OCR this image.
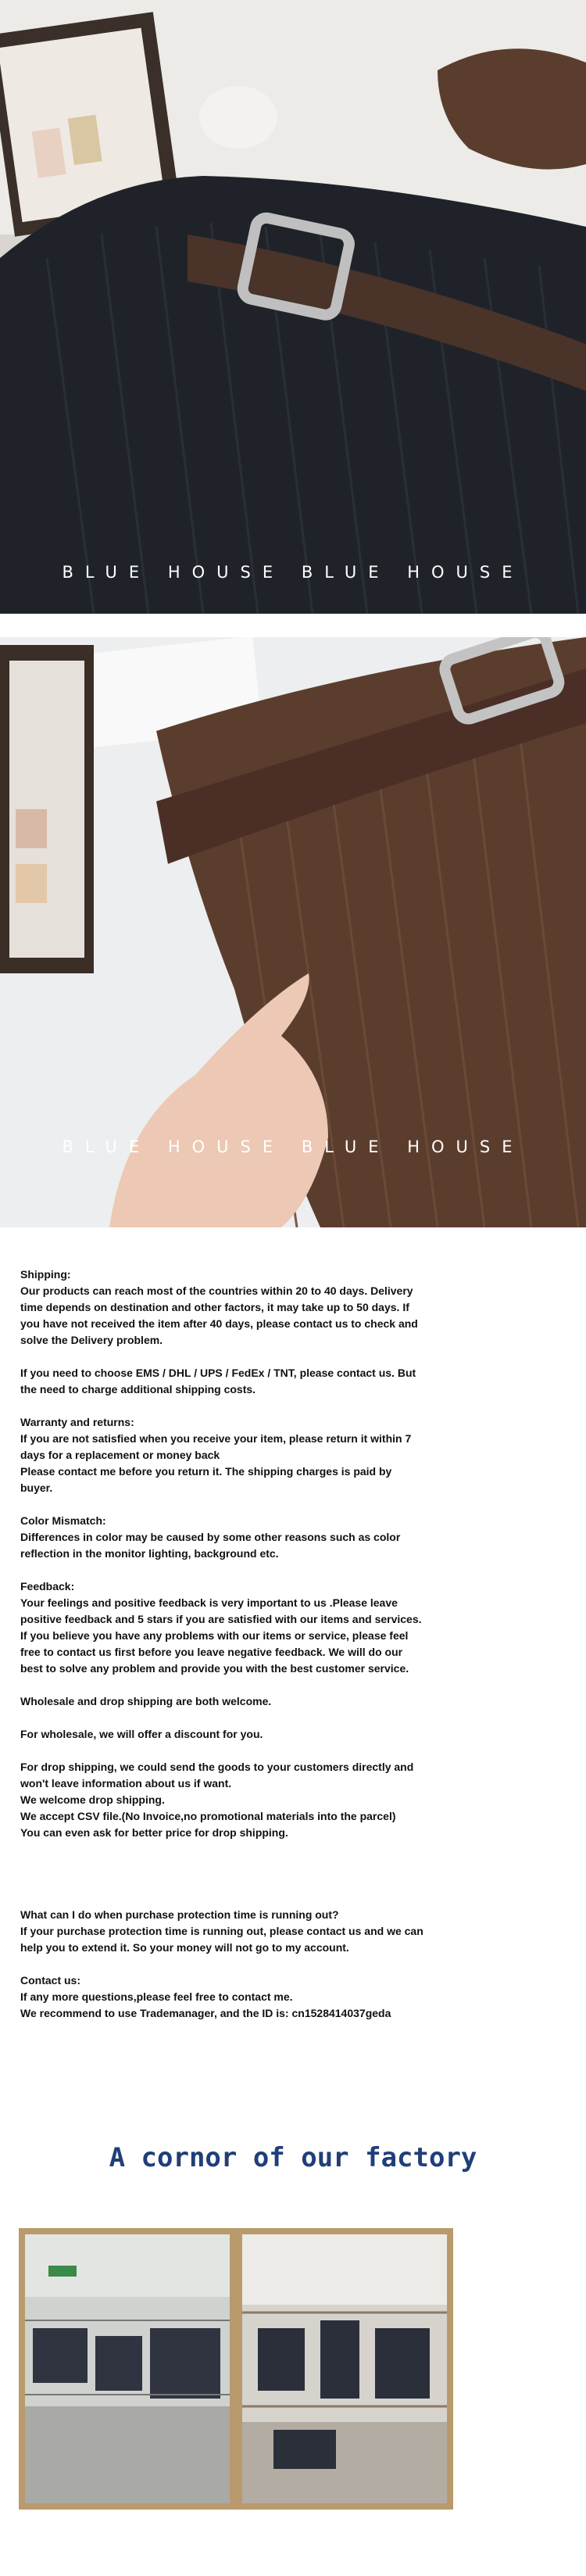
BLUE HOUSE BLUE HOUSE
BLUE HOUSE BLUE HOUSE
Shipping:
Our products can reach most of the countries within 20 to 40 days. Delivery
time depends on destination and other factors, it may take up to 50 days. If
you have not received the item after 40 days, please contact us to check and
solve the Delivery problem.
If you need to choose EMS / DHL / UPS / FedEx / TNT, please contact us. But
the need to charge additional shipping costs.
Warranty and returns:
If you are not satisfied when you receive your item, please return it within 7
days for a replacement or money back
Please contact me before you return it. The shipping charges is paid by
buyer.
Color Mismatch:
Differences in color may be caused by some other reasons such as color
reflection in the monitor lighting, background etc.
Feedback:
Your feelings and positive feedback is very important to us .Please leave
positive feedback and 5 stars if you are satisfied with our items and services.
If you believe you have any problems with our items or service, please feel
free to contact us first before you leave negative feedback. We will do our
best to solve any problem and provide you with the best customer service.
Wholesale and drop shipping are both welcome.
For wholesale, we will offer a discount for you.
For drop shipping, we could send the goods to your customers directly and
won't leave information about us if want.
We welcome drop shipping.
We accept CSV file.(No Invoice,no promotional materials into the parcel)
You can even ask for better price for drop shipping.
What can I do when purchase protection time is running out?
If your purchase protection time is running out, please contact us and we can
help you to extend it. So your money will not go to my account.
Contact us:
If any more questions,please feel free to contact me.
We recommend to use Trademanager, and the ID is: cn1528414037geda
A cornor of our factory
